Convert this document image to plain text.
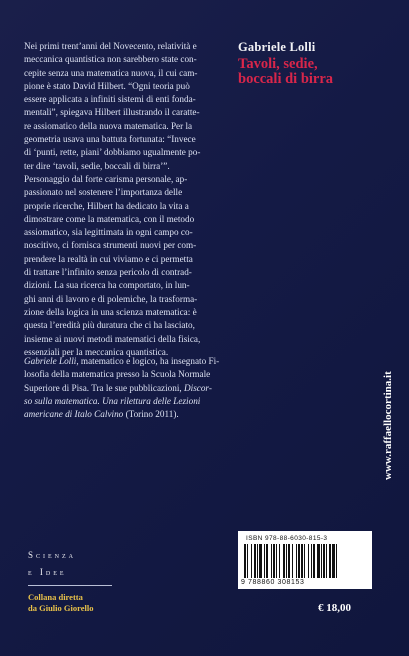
Nei primi trent’anni del Novecento, relatività e
meccanica quantistica non sarebbero state con-
cepite senza una matematica nuova, il cui cam-
pione è stato David Hilbert. “Ogni teoria può
essere applicata a infiniti sistemi di enti fonda-
mentali”, spiegava Hilbert illustrando il caratte-
re assiomatico della nuova matematica. Per la
geometria usava una battuta fortunata: “Invece
di ‘punti, rette, piani’ dobbiamo ugualmente po-
ter dire ‘tavoli, sedie, boccali di birra’”.
Personaggio dal forte carisma personale, ap-
passionato nel sostenere l’importanza delle
proprie ricerche, Hilbert ha dedicato la vita a
dimostrare come la matematica, con il metodo
assiomatico, sia legittimata in ogni campo co-
noscitivo, ci fornisca strumenti nuovi per com-
prendere la realtà in cui viviamo e ci permetta
di trattare l’infinito senza pericolo di contrad-
dizioni. La sua ricerca ha comportato, in lun-
ghi anni di lavoro e di polemiche, la trasforma-
zione della logica in una scienza matematica: è
questa l’eredità più duratura che ci ha lasciato,
insieme ai nuovi metodi matematici della fisica,
essenziali per la meccanica quantistica.
Gabriele Lolli, matematico e logico, ha insegnato Fi-
losofia della matematica presso la Scuola Normale
Superiore di Pisa. Tra le sue pubblicazioni, Discor-
so sulla matematica. Una rilettura delle Lezioni
americane di Italo Calvino (Torino 2011).
Gabriele Lolli
Tavoli, sedie,
boccali di birra
www.raffaellocortina.it
Scienza
e Idee
Collana diretta
da Giulio Giorello
ISBN 978-88-6030-815-3
9 788860 308153
€ 18,00
